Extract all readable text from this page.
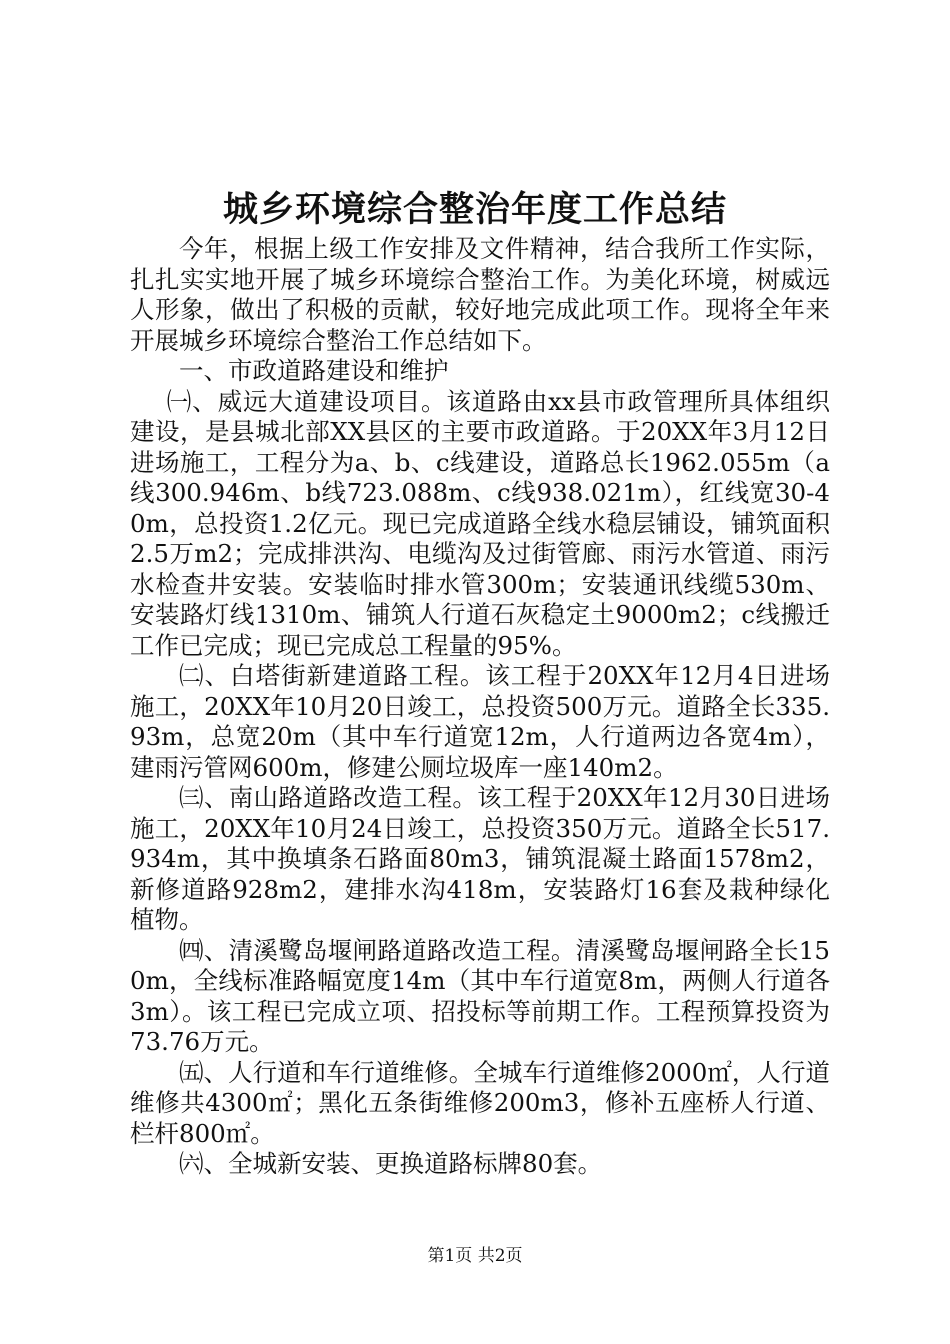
城乡环境综合整治年度工作总结

今年，根据上级工作安排及文件精神，结合我所工作实际，扎扎实实地开展了城乡环境综合整治工作。为美化环境，树威远人形象，做出了积极的贡献，较好地完成此项工作。现将全年来开展城乡环境综合整治工作总结如下。

一、市政道路建设和维护

㈠、威远大道建设项目。该道路由xx县市政管理所具体组织建设，是县城北部XX县区的主要市政道路。于20XX年3月12日进场施工，工程分为a、b、c线建设，道路总长1962.055m（a线300.946m、b线723.088m、c线938.021m），红线宽30-40m，总投资1.2亿元。现已完成道路全线水稳层铺设，铺筑面积2.5万m2；完成排洪沟、电缆沟及过街管廊、雨污水管道、雨污水检查井安装。安装临时排水管300m；安装通讯线缆530m、安装路灯线1310m、铺筑人行道石灰稳定土9000m2；c线搬迁工作已完成；现已完成总工程量的95%。

㈡、白塔街新建道路工程。该工程于20XX年12月4日进场施工，20XX年10月20日竣工，总投资500万元。道路全长335.93m，总宽20m（其中车行道宽12m，人行道两边各宽4m），建雨污管网600m，修建公厕垃圾库一座140m2。

㈢、南山路道路改造工程。该工程于20XX年12月30日进场施工，20XX年10月24日竣工，总投资350万元。道路全长517.934m，其中换填条石路面80m3，铺筑混凝土路面1578m2，新修道路928m2，建排水沟418m，安装路灯16套及栽种绿化植物。

㈣、清溪鹭岛堰闸路道路改造工程。清溪鹭岛堰闸路全长150m，全线标准路幅宽度14m（其中车行道宽8m，两侧人行道各3m）。该工程已完成立项、招投标等前期工作。工程预算投资为73.76万元。

㈤、人行道和车行道维修。全城车行道维修2000㎡，人行道维修共4300㎡；黑化五条街维修200m3，修补五座桥人行道、栏杆800㎡。

㈥、全城新安装、更换道路标牌80套。

第1页 共2页
